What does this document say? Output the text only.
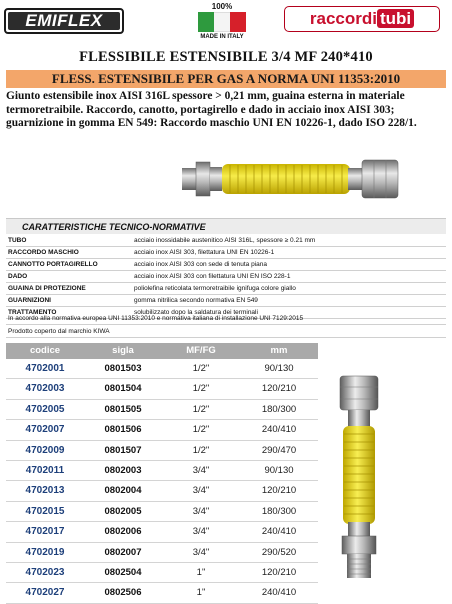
EMIFLEX
100%
MADE IN ITALY
raccordi tubi
FLESSIBILE ESTENSIBILE 3/4 MF 240*410
FLESS. ESTENSIBILE PER GAS A NORMA UNI 11353:2010
Giunto estensibile inox AISI 316L spessore > 0,21 mm, guaina esterna in materiale termoretraibile. Raccordo, canotto, portagirello e dado in acciaio inox AISI 303; guarnizione in gomma EN 549: Raccordo maschio UNI EN 10226-1, dado ISO 228/1.
CARATTERISTICHE TECNICO-NORMATIVE
TUBO	acciaio inossidabile austenitico AISI 316L, spessore ≥ 0.21 mm
RACCORDO MASCHIO	acciaio inox AISI 303, filettatura UNI EN 10226-1
CANNOTTO PORTAGIRELLO	acciaio inox AISI 303 con sede di tenuta piana
DADO	acciaio inox AISI 303 con filettatura UNI EN ISO 228-1
GUAINA DI PROTEZIONE	poliolefina reticolata termoretraibile ignifuga colore giallo
GUARNIZIONI	gomma nitrilica secondo normativa EN 549
TRATTAMENTO	solubilizzato dopo la saldatura dei terminali
In accordo alla normativa europea UNI 11353:2010 e normativa italiana di installazione UNI 7129:2015
Prodotto coperto dal marchio KIWA
codice	sigla	MF/FG	mm
4702001	0801503	1/2"	90/130
4702003	0801504	1/2"	120/210
4702005	0801505	1/2"	180/300
4702007	0801506	1/2"	240/410
4702009	0801507	1/2"	290/470
4702011	0802003	3/4"	90/130
4702013	0802004	3/4"	120/210
4702015	0802005	3/4"	180/300
4702017	0802006	3/4"	240/410
4702019	0802007	3/4"	290/520
4702023	0802504	1"	120/210
4702027	0802506	1"	240/410
